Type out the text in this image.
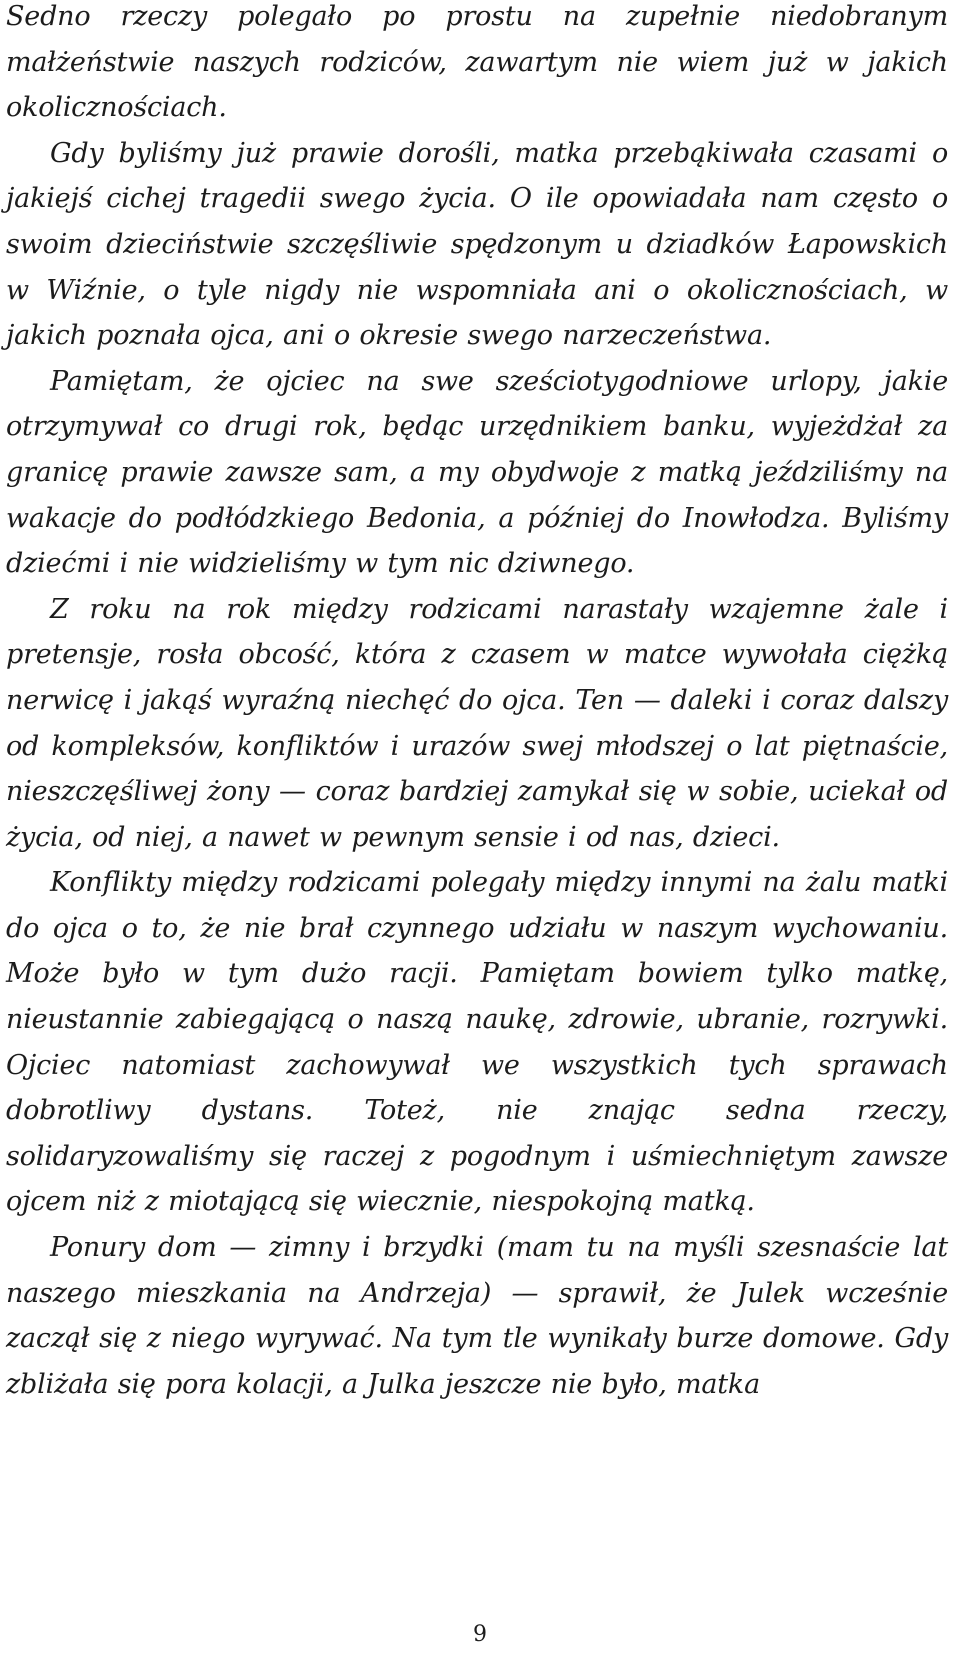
Sedno rzeczy polegało po prostu na zupełnie niedobranym małżeństwie naszych rodziców, zawartym nie wiem już w jakich okolicznościach.

Gdy byliśmy już prawie dorośli, matka przebąkiwała czasami o jakiejś cichej tragedii swego życia. O ile opowiadała nam często o swoim dzieciństwie szczęśliwie spędzonym u dziadków Łapowskich w Wiźnie, o tyle nigdy nie wspomniała ani o okolicznościach, w jakich poznała ojca, ani o okresie swego narzeczeństwa.

Pamiętam, że ojciec na swe sześciotygodniowe urlopy, jakie otrzymywał co drugi rok, będąc urzędnikiem banku, wyjeżdżał za granicę prawie zawsze sam, a my obydwoje z matką jeździliśmy na wakacje do podłódzkiego Bedonia, a później do Inowłodza. Byliśmy dziećmi i nie widzieliśmy w tym nic dziwnego.

Z roku na rok między rodzicami narastały wzajemne żale i pretensje, rosła obcość, która z czasem w matce wywołała ciężką nerwicę i jakąś wyraźną niechęć do ojca. Ten — daleki i coraz dalszy od kompleksów, konfliktów i urazów swej młodszej o lat piętnaście, nieszczęśliwej żony — coraz bardziej zamykał się w sobie, uciekał od życia, od niej, a nawet w pewnym sensie i od nas, dzieci.

Konflikty między rodzicami polegały między innymi na żalu matki do ojca o to, że nie brał czynnego udziału w naszym wychowaniu. Może było w tym dużo racji. Pamiętam bowiem tylko matkę, nieustannie zabiegającą o naszą naukę, zdrowie, ubranie, rozrywki. Ojciec natomiast zachowywał we wszystkich tych sprawach dobrotliwy dystans. Toteż, nie znając sedna rzeczy, solidaryzowaliśmy się raczej z pogodnym i uśmiechniętym zawsze ojcem niż z miotającą się wiecznie, niespokojną matką.

Ponury dom — zimny i brzydki (mam tu na myśli szesnaście lat naszego mieszkania na Andrzeja) — sprawił, że Julek wcześnie zaczął się z niego wyrywać. Na tym tle wynikały burze domowe. Gdy zbliżała się pora kolacji, a Julka jeszcze nie było, matka

9
